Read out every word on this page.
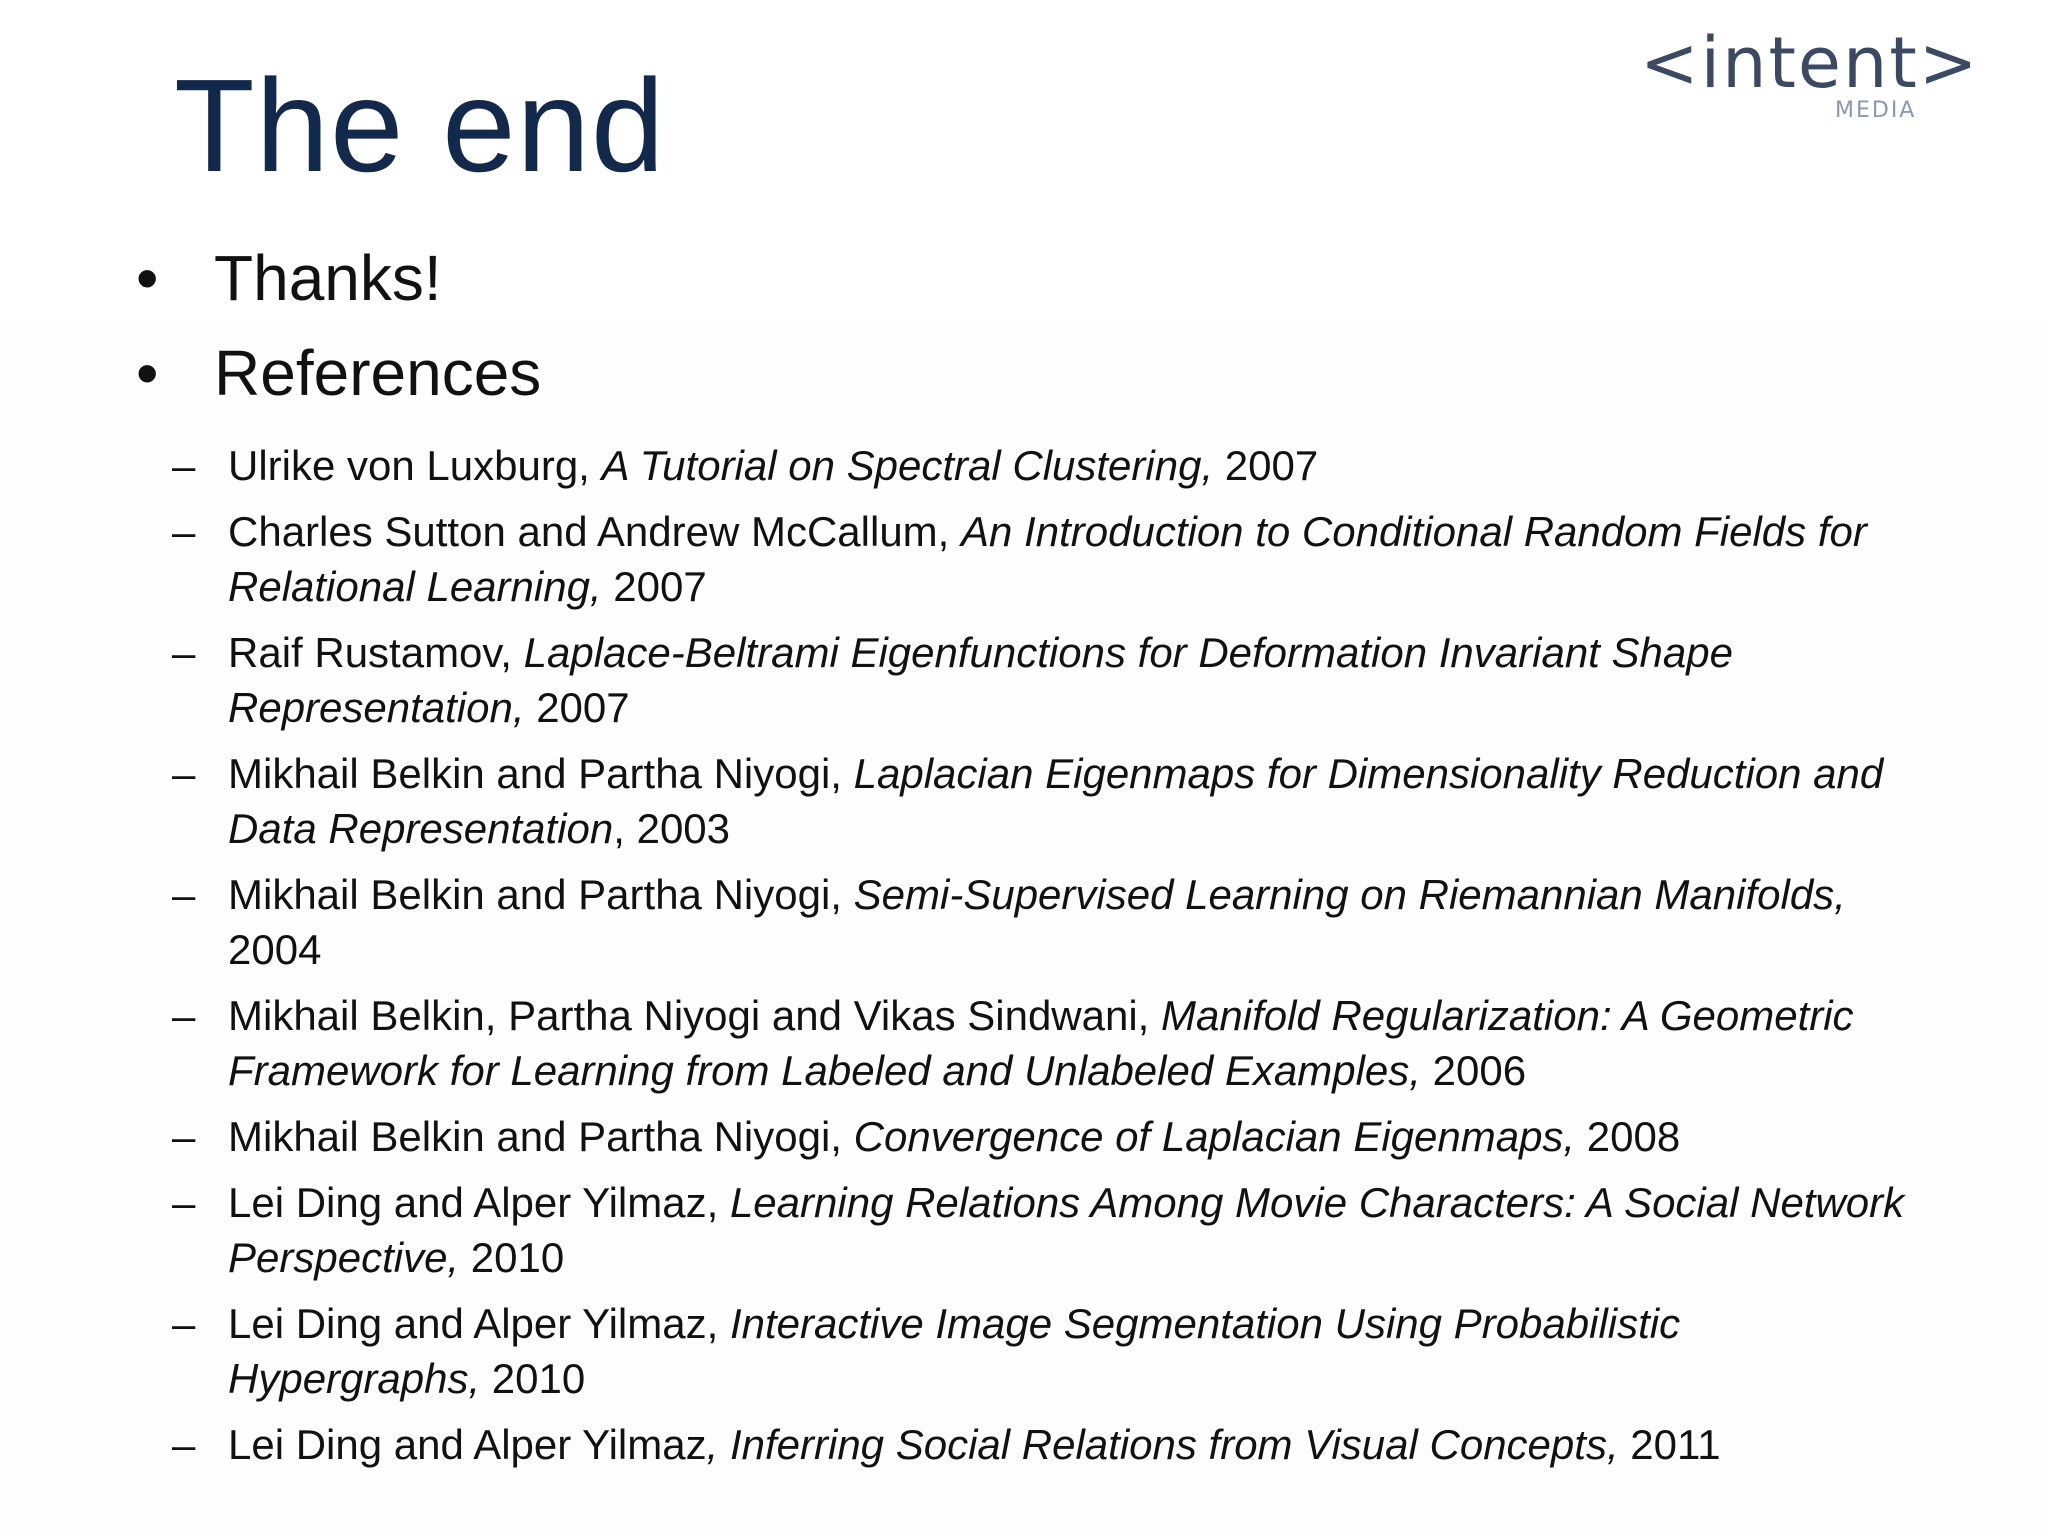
The end	<intent>
MEDIA
• Thanks!
• References
– Ulrike von Luxburg, A Tutorial on Spectral Clustering, 2007
– Charles Sutton and Andrew McCallum, An Introduction to Conditional Random Fields for Relational Learning, 2007
– Raif Rustamov, Laplace-Beltrami Eigenfunctions for Deformation Invariant Shape Representation, 2007
– Mikhail Belkin and Partha Niyogi, Laplacian Eigenmaps for Dimensionality Reduction and Data Representation, 2003
– Mikhail Belkin and Partha Niyogi, Semi-Supervised Learning on Riemannian Manifolds, 2004
– Mikhail Belkin, Partha Niyogi and Vikas Sindwani, Manifold Regularization: A Geometric Framework for Learning from Labeled and Unlabeled Examples, 2006
– Mikhail Belkin and Partha Niyogi, Convergence of Laplacian Eigenmaps, 2008
– Lei Ding and Alper Yilmaz, Learning Relations Among Movie Characters: A Social Network Perspective, 2010
– Lei Ding and Alper Yilmaz, Interactive Image Segmentation Using Probabilistic Hypergraphs, 2010
– Lei Ding and Alper Yilmaz, Inferring Social Relations from Visual Concepts, 2011
